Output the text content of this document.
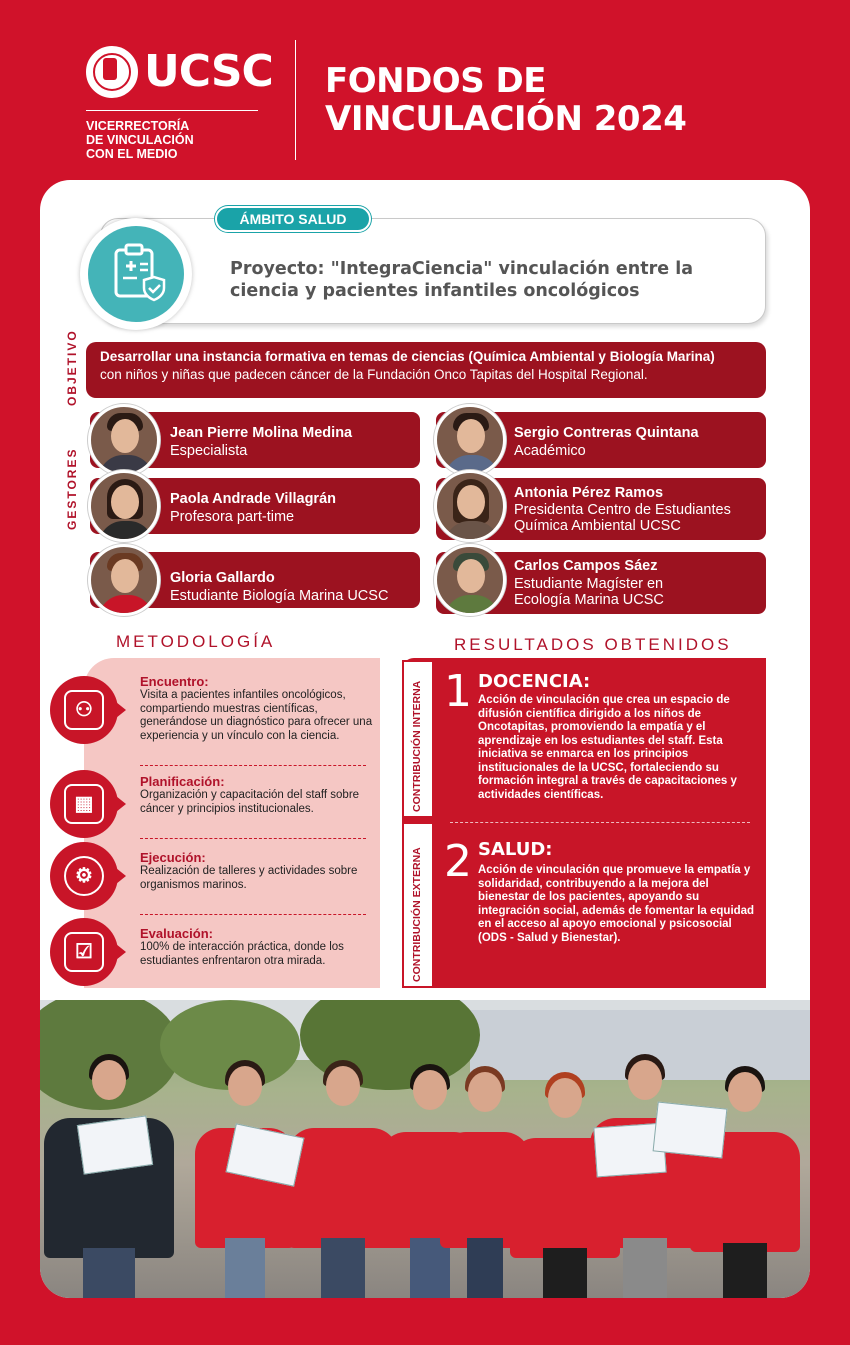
UCSC
VICERRECTORÍA
DE VINCULACIÓN
CON EL MEDIO
FONDOS DE
VINCULACIÓN 2024
ÁMBITO SALUD
Proyecto: "IntegraCiencia" vinculación entre la ciencia y pacientes infantiles oncológicos
OBJETIVO	Desarrollar una instancia formativa en temas de ciencias (Química Ambiental y Biología Marina)
con niños y niñas que padecen cáncer de la Fundación Onco Tapitas del Hospital Regional.
GESTORES
Jean Pierre Molina Medina
Especialista
Sergio Contreras Quintana
Académico
Paola Andrade Villagrán
Profesora part-time
Antonia Pérez Ramos
Presidenta Centro de Estudiantes
Química Ambiental UCSC
Gloria Gallardo
Estudiante Biología Marina UCSC
Carlos Campos Sáez
Estudiante Magíster en
Ecología Marina UCSC
METODOLOGÍA	RESULTADOS OBTENIDOS
⚇
Encuentro:
Visita a pacientes infantiles oncológicos, compartiendo muestras científicas, generándose un diagnóstico para ofrecer una experiencia y un vínculo con la ciencia.
▦
Planificación:
Organización y capacitación del staff sobre cáncer y principios institucionales.
⚙
Ejecución:
Realización de talleres y actividades sobre organismos marinos.
☑
Evaluación:
100% de interacción práctica, donde los estudiantes enfrentaron otra mirada.
CONTRIBUCIÓN INTERNA
CONTRIBUCIÓN EXTERNA
1 DOCENCIA:
Acción de vinculación que crea un espacio de difusión científica dirigido a los niños de Oncotapitas, promoviendo la empatía y el aprendizaje en los estudiantes del staff. Esta iniciativa se enmarca en los principios institucionales de la UCSC, fortaleciendo su formación integral a través de capacitaciones y actividades científicas.
2 SALUD:
Acción de vinculación que promueve la empatía y solidaridad, contribuyendo a la mejora del bienestar de los pacientes, apoyando su integración social, además de fomentar la equidad en el acceso al apoyo emocional y psicosocial (ODS - Salud y Bienestar).
